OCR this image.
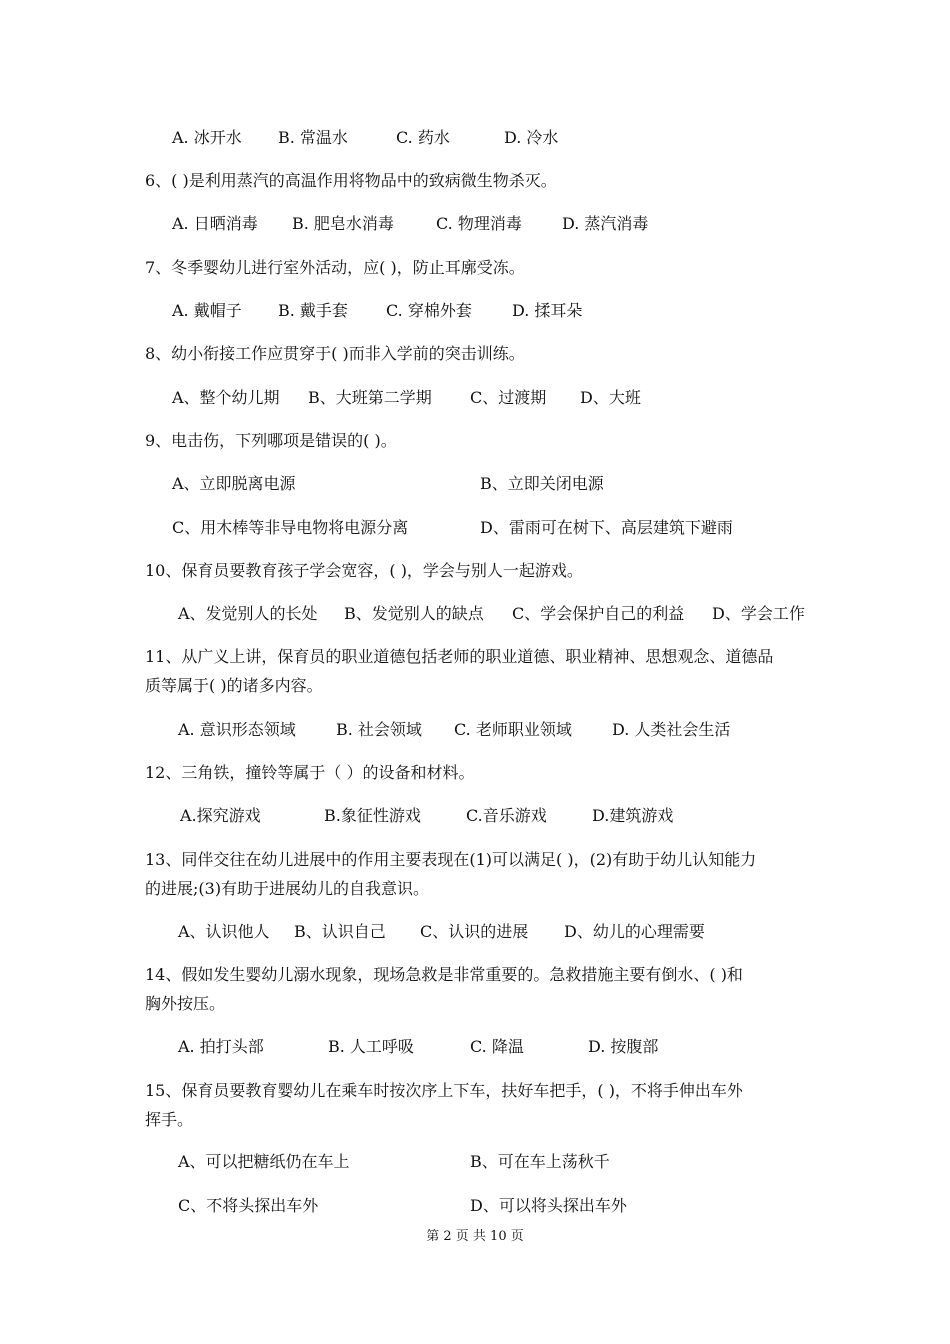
A. 冰开水 B. 常温水	C. 药水	D. 冷水
6、( )是利用蒸汽的高温作用将物品中的致病微生物杀灭。
A. 日晒消毒 B. 肥皂水消毒	C. 物理消毒	D. 蒸汽消毒
7、冬季婴幼儿进行室外活动，应( )，防止耳廓受冻。
A. 戴帽子 B. 戴手套 C. 穿棉外套	D. 揉耳朵
8、幼小衔接工作应贯穿于( )而非入学前的突击训练。
A、整个幼儿期 B、大班第二学期 C、过渡期 D、大班
9、电击伤，下列哪项是错误的( )。
A、立即脱离电源	B、立即关闭电源
C、用木棒等非导电物将电源分离	D、雷雨可在树下、高层建筑下避雨
10、保育员要教育孩子学会宽容，( )，学会与别人一起游戏。
A、发觉别人的长处 B、发觉别人的缺点 C、学会保护自己的利益 D、学会工作
11、从广义上讲，保育员的职业道德包括老师的职业道德、职业精神、思想观念、道德品
质等属于( )的诸多内容。
A. 意识形态领域	B. 社会领域 C. 老师职业领域	D. 人类社会生活
12、三角铁，撞铃等属于（ ）的设备和材料。
A.探究游戏	B.象征性游戏	C.音乐游戏	D.建筑游戏
13、同伴交往在幼儿进展中的作用主要表现在(1)可以满足( )，(2)有助于幼儿认知能力
的进展;(3)有助于进展幼儿的自我意识。
A、认识他人 B、认识自己 C、认识的进展 D、幼儿的心理需要
14、假如发生婴幼儿溺水现象，现场急救是非常重要的。急救措施主要有倒水、( )和
胸外按压。
A. 拍打头部	B. 人工呼吸	C. 降温	D. 按腹部
15、保育员要教育婴幼儿在乘车时按次序上下车，扶好车把手，( )，不将手伸出车外
挥手。
A、可以把糖纸仍在车上	B、可在车上荡秋千
C、不将头探出车外	D、可以将头探出车外
第 2 页 共 10 页
